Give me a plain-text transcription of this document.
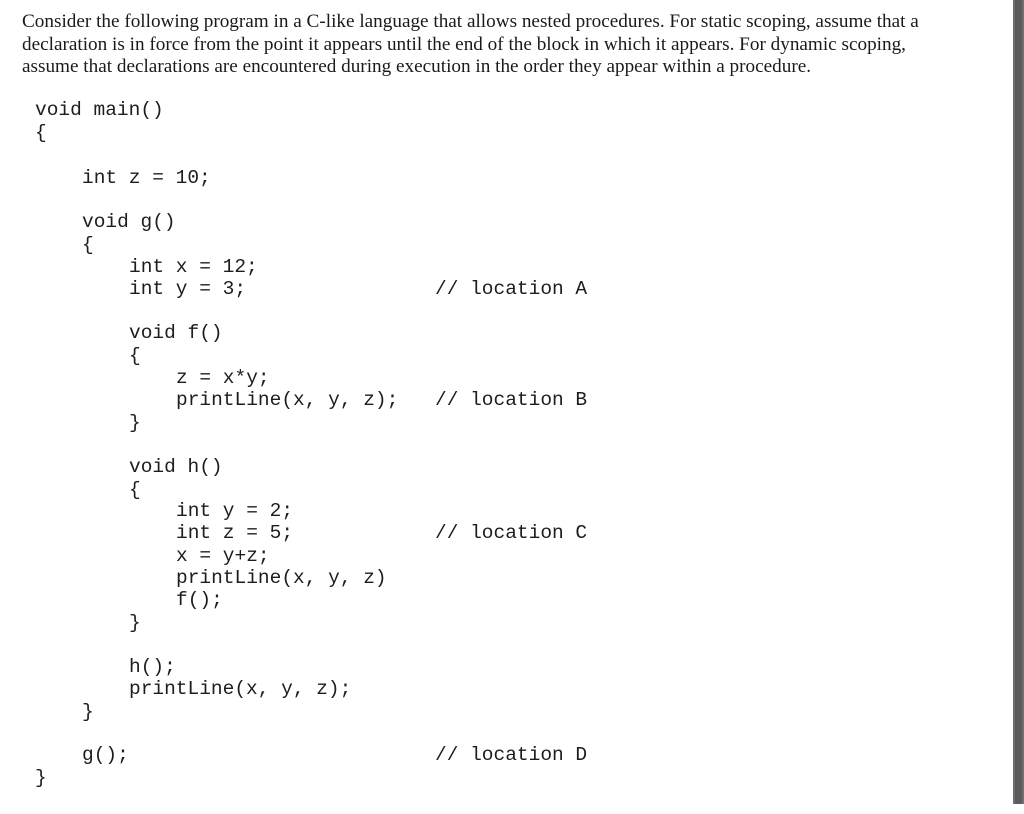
Consider the following program in a C-like language that allows nested procedures. For static scoping, assume that a declaration is in force from the point it appears until the end of the block in which it appears. For dynamic scoping, assume that declarations are encountered during execution in the order they appear within a procedure.

void main()

{

int z = 10;

void g()

{

int x = 12;

int y = 3;

	// location A

void f()

{

z = x*y;

printLine(x, y, z);

// location B

}

void h()

{

int y = 2;

int z = 5;

	// location C

x = y+z;

printLine(x, y, z)

f();

}

h();

printLine(x, y, z);

}

g();

	// location D

}
